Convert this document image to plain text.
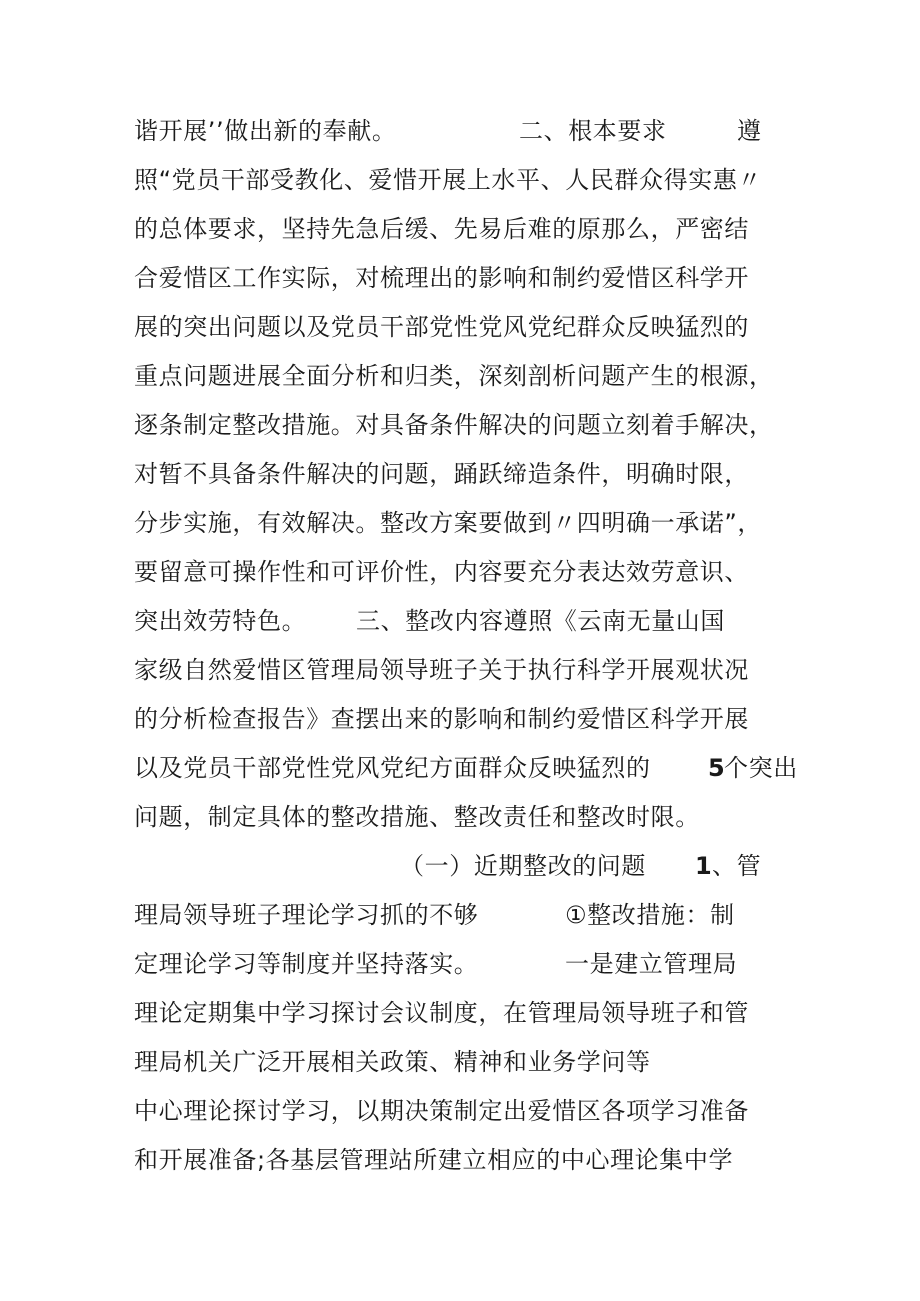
谐开展’’做出新的奉献。

	二、根本要求

	遵

照“党员干部受教化、爱惜开展上水平、人民群众得实惠〃

的总体要求，坚持先急后缓、先易后难的原那么，严密结

合爱惜区工作实际，对梳理出的影响和制约爱惜区科学开

展的突出问题以及党员干部党性党风党纪群众反映猛烈的

重点问题进展全面分析和归类，深刻剖析问题产生的根源，

逐条制定整改措施。对具备条件解决的问题立刻着手解决，

对暂不具备条件解决的问题，踊跃缔造条件，明确时限，

分步实施，有效解决。整改方案要做到〃四明确一承诺”，

要留意可操作性和可评价性，内容要充分表达效劳意识、

突出效劳特色。

三、整改内容遵照《云南无量山国

家级自然爱惜区管理局领导班子关于执行科学开展观状况

的分析检查报告》查摆出来的影响和制约爱惜区科学开展

以及党员干部党性党风党纪方面群众反映猛烈的

5

个突出

问题，制定具体的整改措施、整改责任和整改时限。

（一）近期整改的问题

1

、管

理局领导班子理论学习抓的不够

	①整改措施：制

定理论学习等制度并坚持落实。

	一是建立管理局

理论定期集中学习探讨会议制度，在管理局领导班子和管

理局机关广泛开展相关政策、精神和业务学问等

中心理论探讨学习，以期决策制定出爱惜区各项学习准备

和开展准备;各基层管理站所建立相应的中心理论集中学
